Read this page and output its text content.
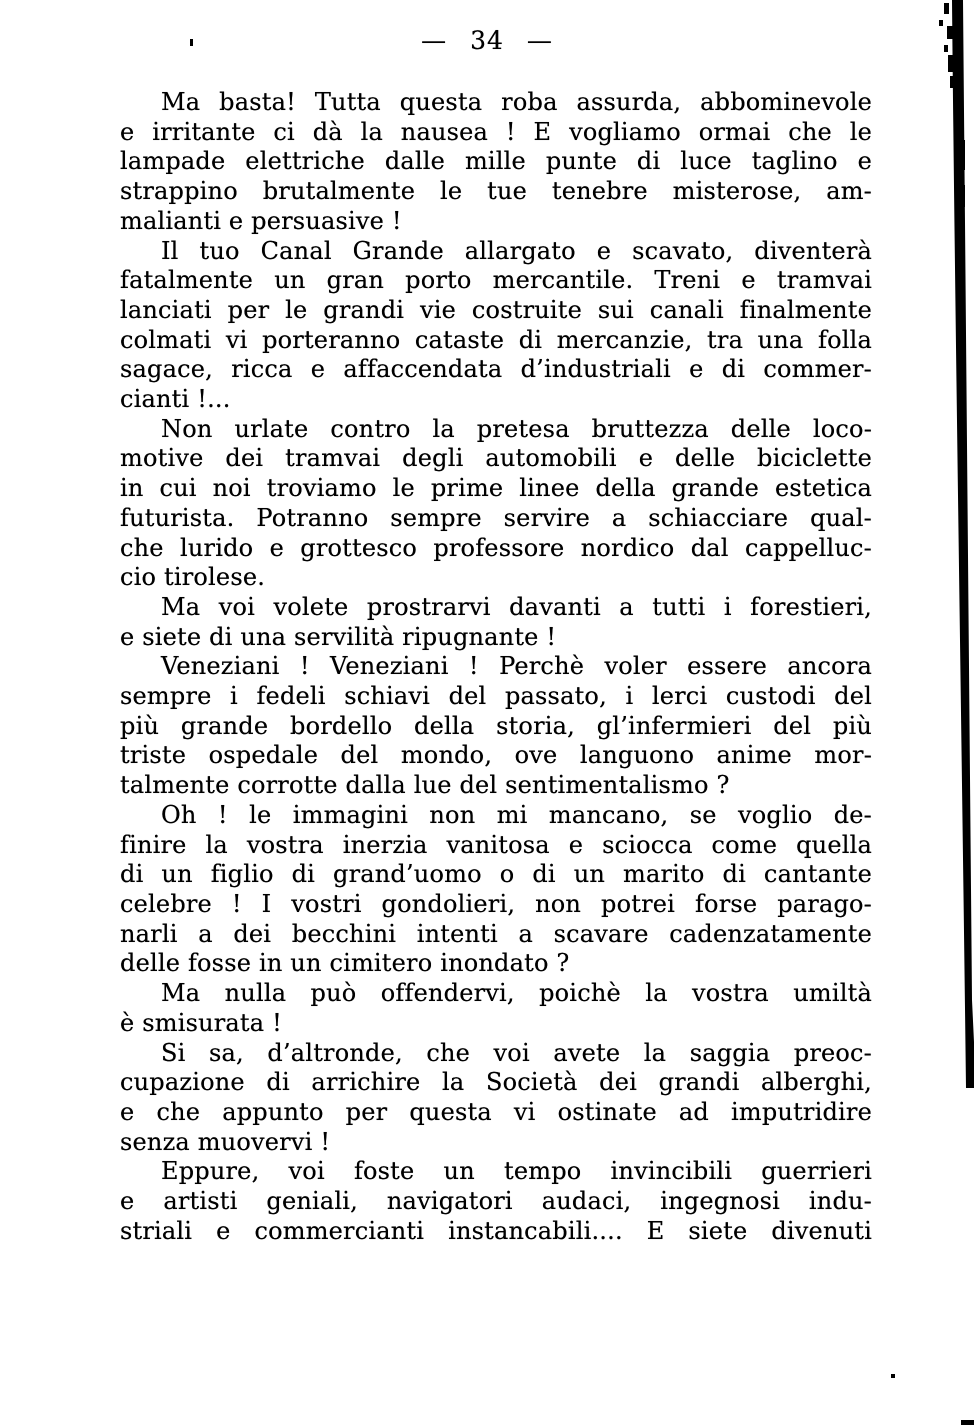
— 34 —
Ma basta! Tutta questa roba assurda, abbominevole
e irritante ci dà la nausea ! E vogliamo ormai che le
lampade elettriche dalle mille punte di luce taglino e
strappino brutalmente le tue tenebre misterose, am-
malianti e persuasive !
Il tuo Canal Grande allargato e scavato, diventerà
fatalmente un gran porto mercantile. Treni e tramvai
lanciati per le grandi vie costruite sui canali finalmente
colmati vi porteranno cataste di mercanzie, tra una folla
sagace, ricca e affaccendata d’industriali e di commer-
cianti !...
Non urlate contro la pretesa bruttezza delle loco-
motive dei tramvai degli automobili e delle biciclette
in cui noi troviamo le prime linee della grande estetica
futurista. Potranno sempre servire a schiacciare qual-
che lurido e grottesco professore nordico dal cappelluc-
cio tirolese.
Ma voi volete prostrarvi davanti a tutti i forestieri,
e siete di una servilità ripugnante !
Veneziani ! Veneziani ! Perchè voler essere ancora
sempre i fedeli schiavi del passato, i lerci custodi del
più grande bordello della storia, gl’infermieri del più
triste ospedale del mondo, ove languono anime mor-
talmente corrotte dalla lue del sentimentalismo ?
Oh ! le immagini non mi mancano, se voglio de-
finire la vostra inerzia vanitosa e sciocca come quella
di un figlio di grand’uomo o di un marito di cantante
celebre ! I vostri gondolieri, non potrei forse parago-
narli a dei becchini intenti a scavare cadenzatamente
delle fosse in un cimitero inondato ?
Ma nulla può offendervi, poichè la vostra umiltà
è smisurata !
Si sa, d’altronde, che voi avete la saggia preoc-
cupazione di arrichire la Società dei grandi alberghi,
e che appunto per questa vi ostinate ad imputridire
senza muovervi !
Eppure, voi foste un tempo invincibili guerrieri
e artisti geniali, navigatori audaci, ingegnosi indu-
striali e commercianti instancabili.... E siete divenuti
